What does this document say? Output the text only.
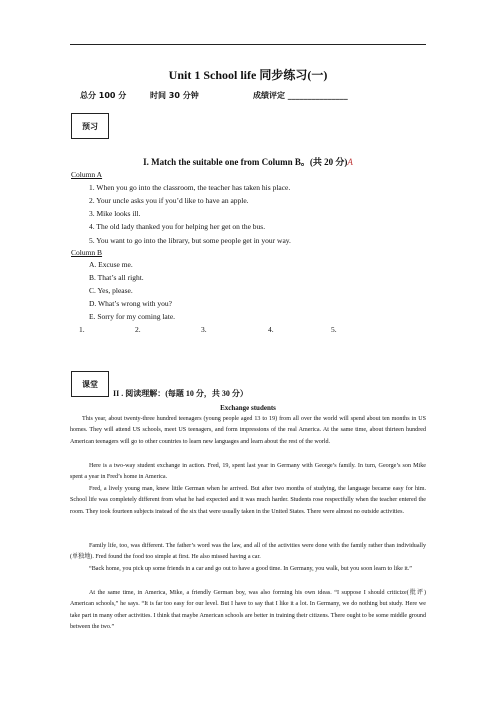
Unit 1 School life 同步练习(一)
总分 100 分	时间 30 分钟	成绩评定 _______________
预习
I. Match the suitable one from Column B。(共 20 分)A
Column A
1. When you go into the classroom, the teacher has taken his place.
2. Your uncle asks you if you’d like to have an apple.
3. Mike looks ill.
4. The old lady thanked you for helping her get on the bus.
5. You want to go into the library, but some people get in your way.
Column B
A. Excuse me.
B. That’s all right.
C. Yes, please.
D. What’s wrong with you?
E. Sorry for my coming late.
1.	2.	3.	4.	5.
课堂
II . 阅读理解：(每题 10 分，共 30 分）
Exchange students
This year, about twenty-three hundred teenagers (young people aged 13 to 19) from all over the world will spend about ten months in US homes. They will attend US schools, meet US teenagers, and form impressions of the real America. At the same time, about thirteen hundred American teenagers will go to other countries to learn new languages and learn about the rest of the world.
Here is a two-way student exchange in action. Fred, 19, spent last year in Germany with George’s family. In turn, George’s son Mike spent a year in Fred’s home in America.
Fred, a lively young man, knew little German when he arrived. But after two months of studying, the language became easy for him. School life was completely different from what he had expected and it was much harder. Students rose respectfully when the teacher entered the room. They took fourteen subjects instead of the six that were usually taken in the United States. There were almost no outside activities.
Family life, too, was different. The father’s word was the law, and all of the activities were done with the family rather than individually (单独地). Fred found the food too simple at first. He also missed having a car.
“Back home, you pick up some friends in a car and go out to have a good time. In Germany, you walk, but you soon learn to like it.”
At the same time, in America, Mike, a friendly German boy, was also forming his own ideas. “I suppose I should criticize(批评) American schools,” he says. “It is far too easy for our level. But I have to say that I like it a lot. In Germany, we do nothing but study. Here we take part in many other activities. I think that maybe American schools are better in training their citizens. There ought to be some middle ground between the two.”
